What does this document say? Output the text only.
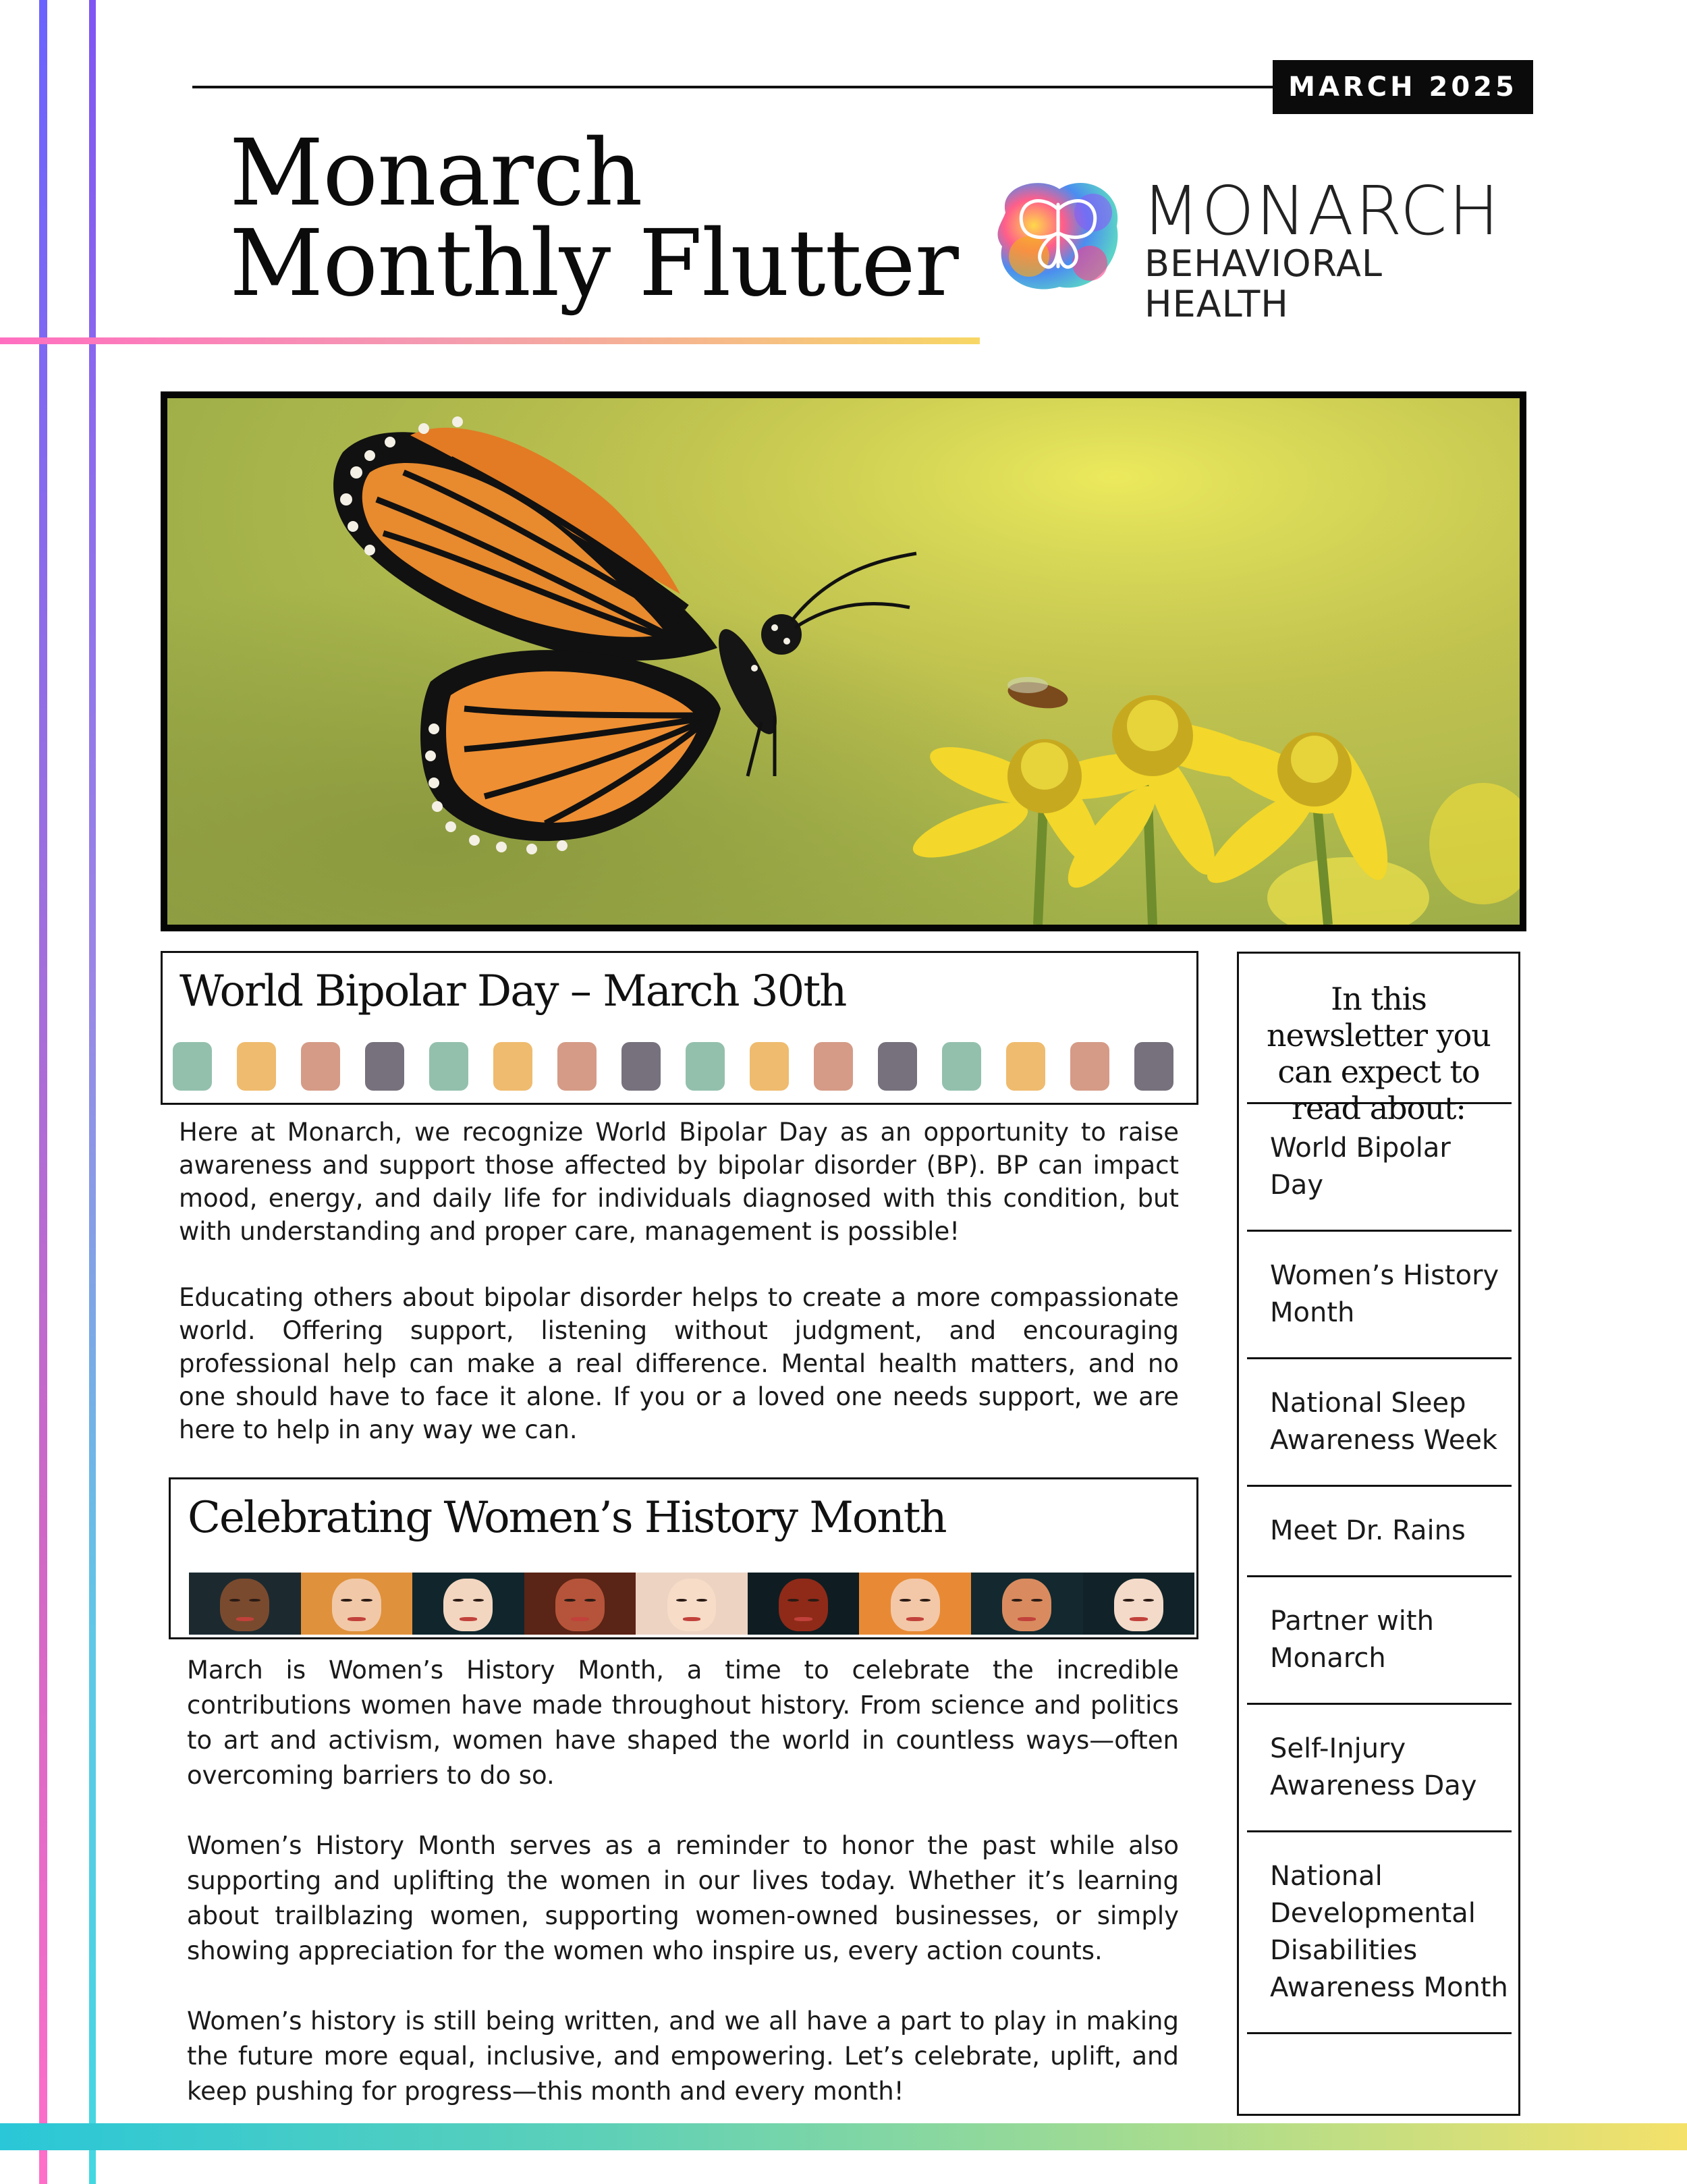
MARCH 2025
Monarch
Monthly Flutter	MONARCH
BEHAVIORAL HEALTH
World Bipolar Day – March 30th

Here at Monarch, we recognize World Bipolar Day as an opportunity to raise awareness and support those affected by bipolar disorder (BP). BP can impact mood, energy, and daily life for individuals diagnosed with this condition, but with understanding and proper care, management is possible!

Educating others about bipolar disorder helps to create a more compassionate world. Offering support, listening without judgment, and encouraging professional help can make a real difference. Mental health matters, and no one should have to face it alone. If you or a loved one needs support, we are here to help in any way we can.

Celebrating Women’s History Month

March is Women’s History Month, a time to celebrate the incredible contributions women have made throughout history. From science and politics to art and activism, women have shaped the world in countless ways—often overcoming barriers to do so.

Women’s History Month serves as a reminder to honor the past while also supporting and uplifting the women in our lives today. Whether it’s learning about trailblazing women, supporting women-owned businesses, or simply showing appreciation for the women who inspire us, every action counts.

Women’s history is still being written, and we all have a part to play in making the future more equal, inclusive, and empowering. Let’s celebrate, uplift, and keep pushing for progress—this month and every month!

In this newsletter you can expect to read about:
World Bipolar Day
Women’s History Month
National Sleep Awareness Week
Meet Dr. Rains
Partner with Monarch
Self-Injury Awareness Day
National Developmental Disabilities Awareness Month
